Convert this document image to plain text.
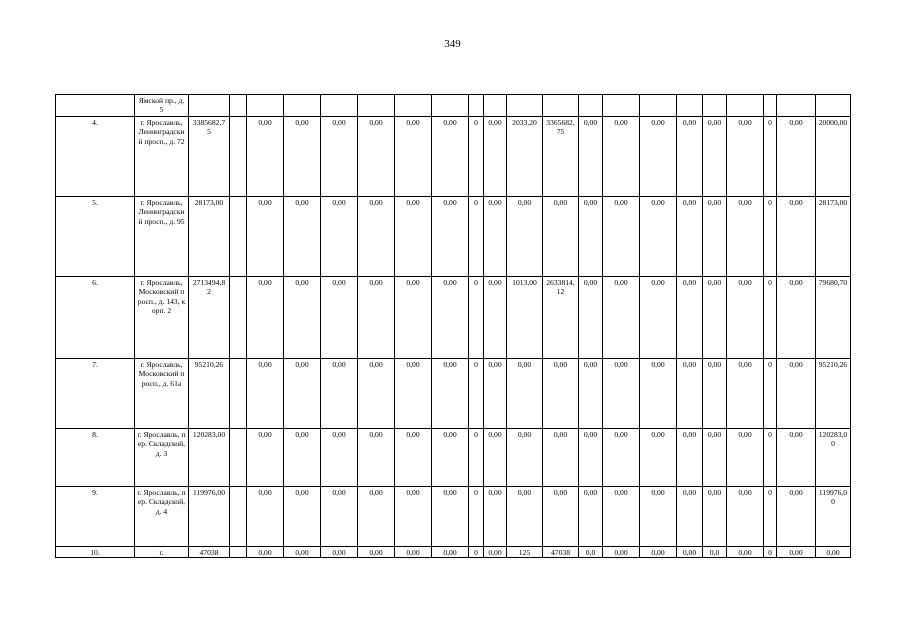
349
	Ямской пр., д. 5																					
4.	г. Ярославль, Ленинградский просп., д. 72	3385682,75		0,00	0,00	0,00	0,00	0,00	0,00	0	0,00	2033,20	3365682,75	0,00	0,00	0,00	0,00	0,00	0,00	0	0,00	20000,00
5.	г. Ярославль, Ленинградский просп., д. 95	28173,00		0,00	0,00	0,00	0,00	0,00	0,00	0	0,00	0,00	0,00	0,00	0,00	0,00	0,00	0,00	0,00	0	0,00	28173,00
6.	г. Ярославль, Московский просп., д. 143, корп. 2	2713494,82		0,00	0,00	0,00	0,00	0,00	0,00	0	0,00	1013,00	2633814,12	0,00	0,00	0,00	0,00	0,00	0,00	0	0,00	79680,70
7.	г. Ярославль, Московский просп., д. 61а	95210,26		0,00	0,00	0,00	0,00	0,00	0,00	0	0,00	0,00	0,00	0,00	0,00	0,00	0,00	0,00	0,00	0	0,00	95210,26
8.	г. Ярославль, пер. Складской, д. 3	120283,00		0,00	0,00	0,00	0,00	0,00	0,00	0	0,00	0,00	0,00	0,00	0,00	0,00	0,00	0,00	0,00	0	0,00	120283,00
9.	г. Ярославль, пер. Складской, д. 4	119976,00		0,00	0,00	0,00	0,00	0,00	0,00	0	0,00	0,00	0,00	0,00	0,00	0,00	0,00	0,00	0,00	0	0,00	119976,00
10.	г.	47038		0,00	0,00	0,00	0,00	0,00	0,00	0	0,00	125	47038	0,0	0,00	0,00	0,00	0,0	0,00	0	0,00	0,00
